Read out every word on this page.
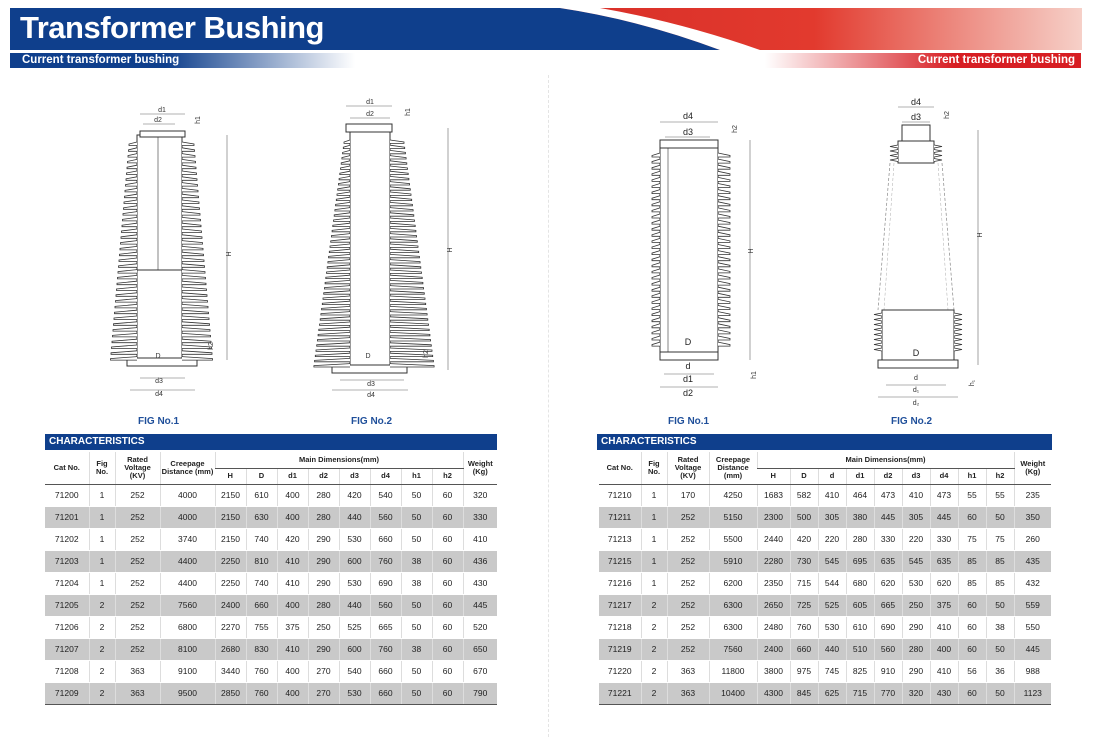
Transformer Bushing
Current transformer bushing	Current transformer bushing
d1
d2	h1
H
h2
D
d3
d4
d1
d2	h1
H
h2
D
d3
d4
FIG No.1	FIG No.2
d4
d3	h2
H
D
d
d1
d2
h1
d4
d3	h2
H
D
d
d₁
d₂
h₁
FIG No.1	FIG No.2
CHARACTERISTICS
Cat No.	Fig No.	Rated Voltage (KV)	Creepage Distance (mm)	Main Dimensions(mm)								Weight (Kg)
				H	D	d1	d2	d3	d4	h1	h2	
71200	1	252	4000	2150	610	400	280	420	540	50	60	320
71201	1	252	4000	2150	630	400	280	440	560	50	60	330
71202	1	252	3740	2150	740	420	290	530	660	50	60	410
71203	1	252	4400	2250	810	410	290	600	760	38	60	436
71204	1	252	4400	2250	740	410	290	530	690	38	60	430
71205	2	252	7560	2400	660	400	280	440	560	50	60	445
71206	2	252	6800	2270	755	375	250	525	665	50	60	520
71207	2	252	8100	2680	830	410	290	600	760	38	60	650
71208	2	363	9100	3440	760	400	270	540	660	50	60	670
71209	2	363	9500	2850	760	400	270	530	660	50	60	790
CHARACTERISTICS
Cat No.	Fig No.	Rated Voltage (KV)	Creepage Distance (mm)	Main Dimensions(mm)									Weight (Kg)
				H	D	d	d1	d2	d3	d4	h1	h2	
71210	1	170	4250	1683	582	410	464	473	410	473	55	55	235
71211	1	252	5150	2300	500	305	380	445	305	445	60	50	350
71213	1	252	5500	2440	420	220	280	330	220	330	75	75	260
71215	1	252	5910	2280	730	545	695	635	545	635	85	85	435
71216	1	252	6200	2350	715	544	680	620	530	620	85	85	432
71217	2	252	6300	2650	725	525	605	665	250	375	60	50	559
71218	2	252	6300	2480	760	530	610	690	290	410	60	38	550
71219	2	252	7560	2400	660	440	510	560	280	400	60	50	445
71220	2	363	11800	3800	975	745	825	910	290	410	56	36	988
71221	2	363	10400	4300	845	625	715	770	320	430	60	50	1123
